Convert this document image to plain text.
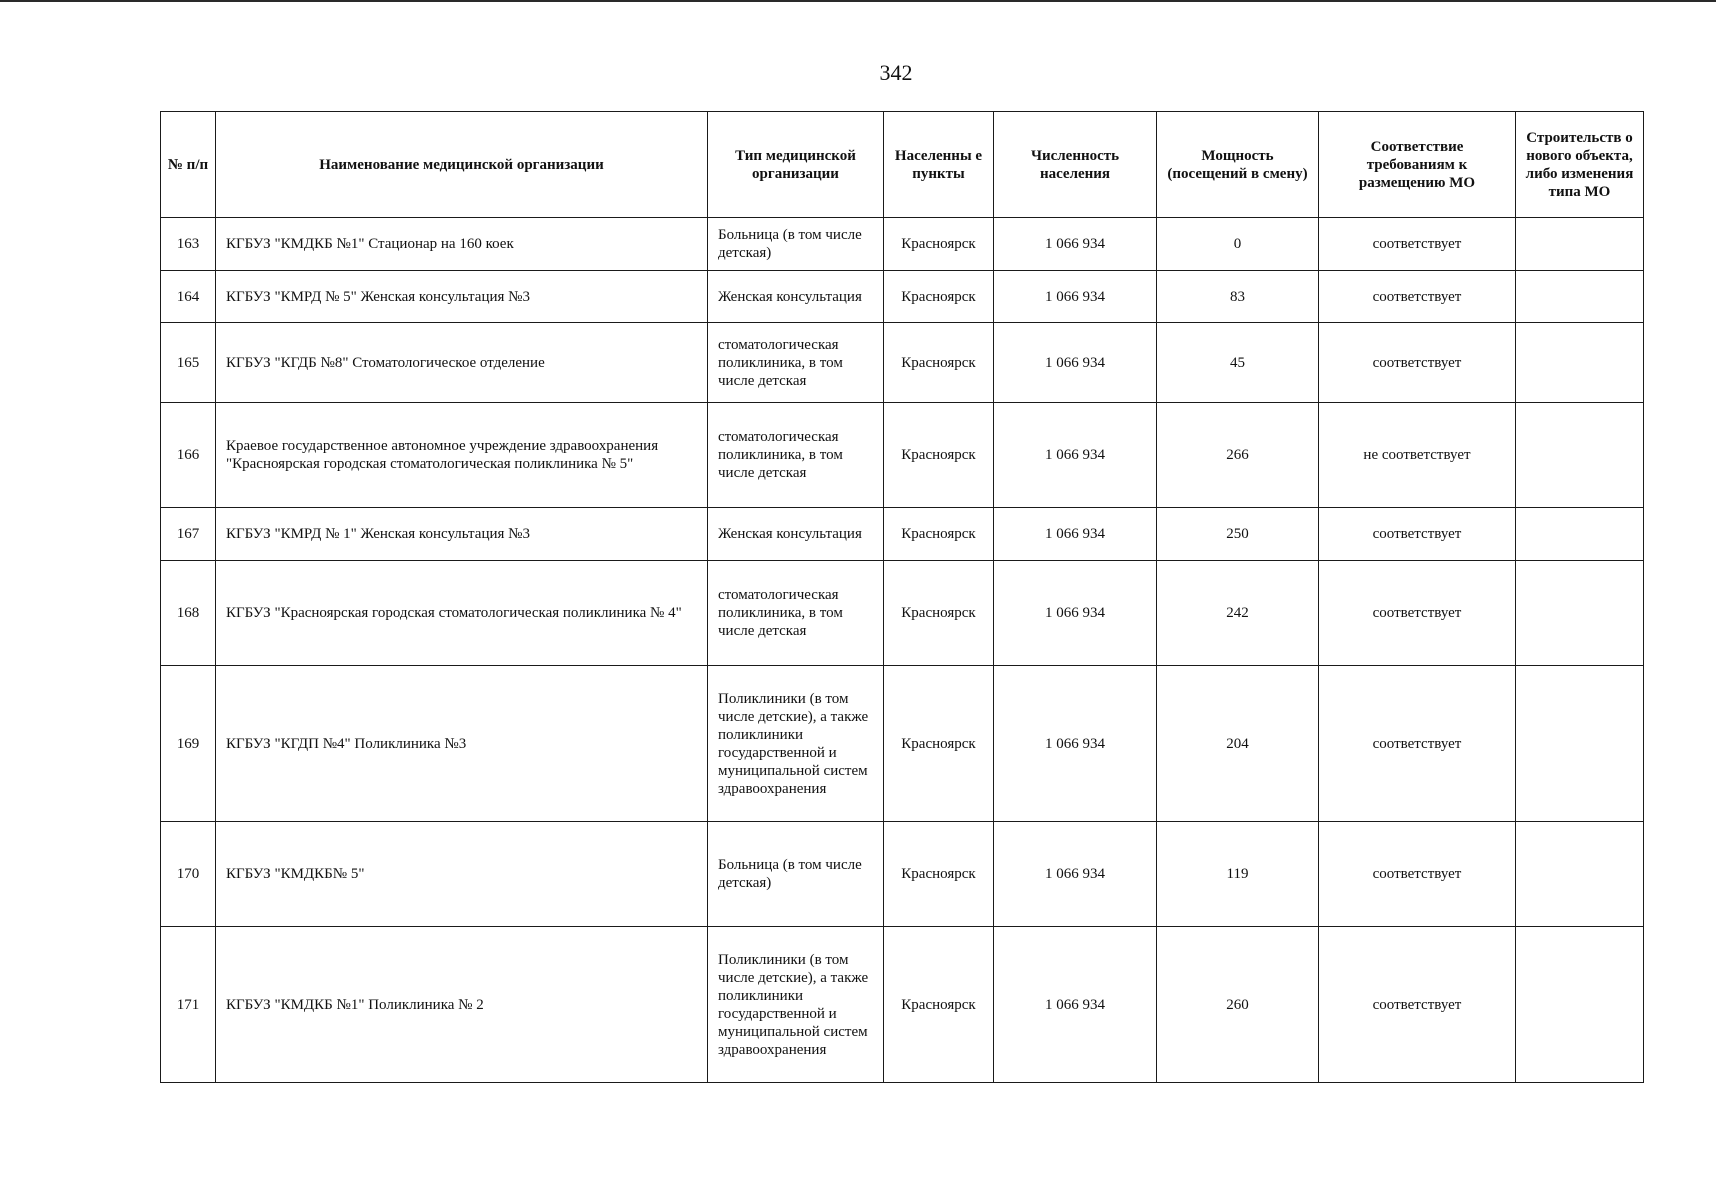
342
№ п/п	Наименование медицинской организации	Тип медицинской организации	Населенны е пункты	Численность населения	Мощность (посещений в смену)	Соответствие требованиям к размещению МО	Строительств о нового объекта, либо изменения типа МО
163	КГБУЗ "КМДКБ №1" Стационар на 160 коек	Больница (в том числе детская)	Красноярск	1 066 934	0	соответствует	
164	КГБУЗ "КМРД № 5" Женская консультация №3	Женская консультация	Красноярск	1 066 934	83	соответствует	
165	КГБУЗ "КГДБ №8" Стоматологическое отделение	стоматологическая поликлиника, в том числе детская	Красноярск	1 066 934	45	соответствует	
166	Краевое государственное автономное учреждение здравоохранения "Красноярская городская стоматологическая поликлиника № 5"	стоматологическая поликлиника, в том числе детская	Красноярск	1 066 934	266	не соответствует	
167	КГБУЗ "КМРД № 1" Женская консультация №3	Женская консультация	Красноярск	1 066 934	250	соответствует	
168	КГБУЗ "Красноярская городская стоматологическая поликлиника № 4"	стоматологическая поликлиника, в том числе детская	Красноярск	1 066 934	242	соответствует	
169	КГБУЗ "КГДП №4" Поликлиника №3	Поликлиники (в том числе детские), а также поликлиники государственной и муниципальной систем здравоохранения	Красноярск	1 066 934	204	соответствует	
170	КГБУЗ "КМДКБ№ 5"	Больница (в том числе детская)	Красноярск	1 066 934	119	соответствует	
171	КГБУЗ "КМДКБ №1" Поликлиника № 2	Поликлиники (в том числе детские), а также поликлиники государственной и муниципальной систем здравоохранения	Красноярск	1 066 934	260	соответствует	
